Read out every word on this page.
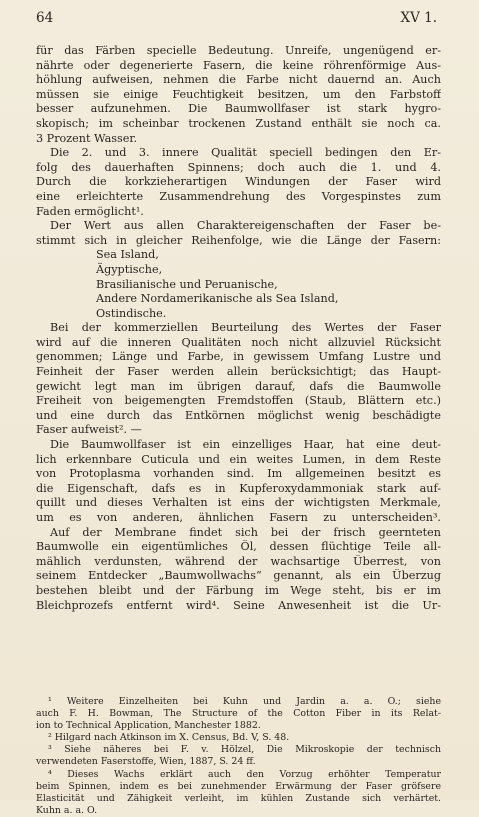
64	XV 1.
für das Färben specielle Bedeutung. Unreife, ungenügend er-
nährte oder degenerierte Fasern, die keine röhrenförmige Aus-
höhlung aufweisen, nehmen die Farbe nicht dauernd an. Auch
müssen sie einige Feuchtigkeit besitzen, um den Farbstoff
besser aufzunehmen. Die Baumwollfaser ist stark hygro-
skopisch; im scheinbar trockenen Zustand enthält sie noch ca.
3 Prozent Wasser.
Die 2. und 3. innere Qualität speciell bedingen den Er-
folg des dauerhaften Spinnens; doch auch die 1. und 4.
Durch die korkzieherartigen Windungen der Faser wird
eine erleichterte Zusammendrehung des Vorgespinstes zum
Faden ermöglicht¹.
Der Wert aus allen Charaktereigenschaften der Faser be-
stimmt sich in gleicher Reihenfolge, wie die Länge der Fasern:
Sea Island,
Ägyptische,
Brasilianische und Peruanische,
Andere Nordamerikanische als Sea Island,
Ostindische.
Bei der kommerziellen Beurteilung des Wertes der Faser
wird auf die inneren Qualitäten noch nicht allzuviel Rücksicht
genommen; Länge und Farbe, in gewissem Umfang Lustre und
Feinheit der Faser werden allein berücksichtigt; das Haupt-
gewicht legt man im übrigen darauf, dafs die Baumwolle
Freiheit von beigemengten Fremdstoffen (Staub, Blättern etc.)
und eine durch das Entkörnen möglichst wenig beschädigte
Faser aufweist². —
Die Baumwollfaser ist ein einzelliges Haar, hat eine deut-
lich erkennbare Cuticula und ein weites Lumen, in dem Reste
von Protoplasma vorhanden sind. Im allgemeinen besitzt es
die Eigenschaft, dafs es in Kupferoxydammoniak stark auf-
quillt und dieses Verhalten ist eins der wichtigsten Merkmale,
um es von anderen, ähnlichen Fasern zu unterscheiden³.
Auf der Membrane findet sich bei der frisch geernteten
Baumwolle ein eigentümliches Öl, dessen flüchtige Teile all-
mählich verdunsten, während der wachsartige Überrest, von
seinem Entdecker „Baumwollwachs“ genannt, als ein Überzug
bestehen bleibt und der Färbung im Wege steht, bis er im
Bleichprozefs entfernt wird⁴. Seine Anwesenheit ist die Ur-
¹ Weitere Einzelheiten bei Kuhn und Jardin a. a. O.; siehe
auch F. H. Bowman, The Structure of the Cotton Fiber in its Relat-
ion to Technical Application, Manchester 1882.
² Hilgard nach Atkinson im X. Census, Bd. V, S. 48.
³ Siehe näheres bei F. v. Hölzel, Die Mikroskopie der technisch
verwendeten Faserstoffe, Wien, 1887, S. 24 ff.
⁴ Dieses Wachs erklärt auch den Vorzug erhöhter Temperatur
beim Spinnen, indem es bei zunehmender Erwärmung der Faser gröfsere
Elasticität und Zähigkeit verleiht, im kühlen Zustande sich verhärtet.
Kuhn a. a. O.
